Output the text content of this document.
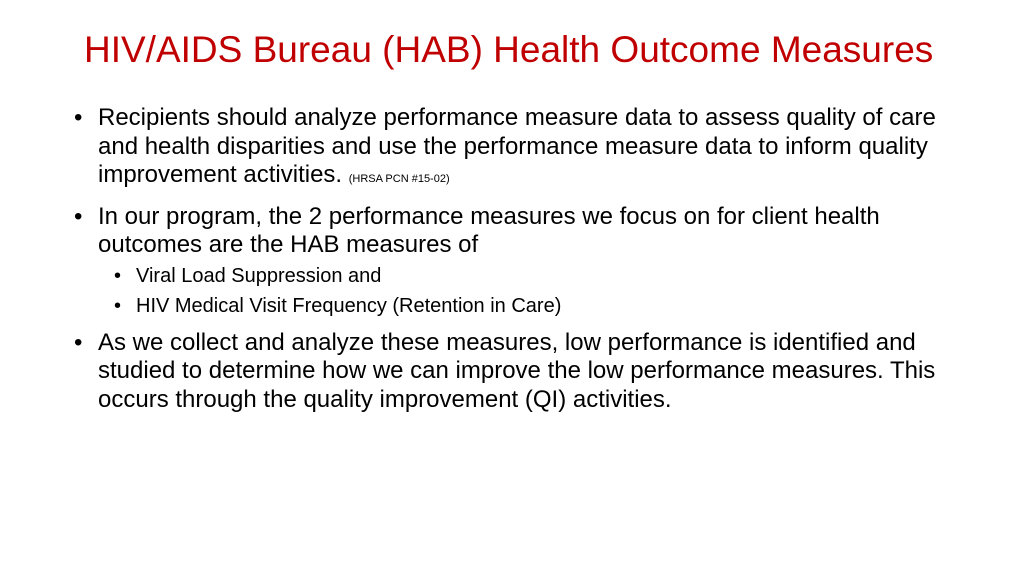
HIV/AIDS Bureau (HAB) Health Outcome Measures
• Recipients should analyze performance measure data to assess quality of care and health disparities and use the performance measure data to inform quality improvement activities. (HRSA PCN #15-02)
• In our program, the 2 performance measures we focus on for client health outcomes are the HAB measures of
• Viral Load Suppression and
• HIV Medical Visit Frequency (Retention in Care)
• As we collect and analyze these measures, low performance is identified and studied to determine how we can improve the low performance measures. This occurs through the quality improvement (QI) activities.
